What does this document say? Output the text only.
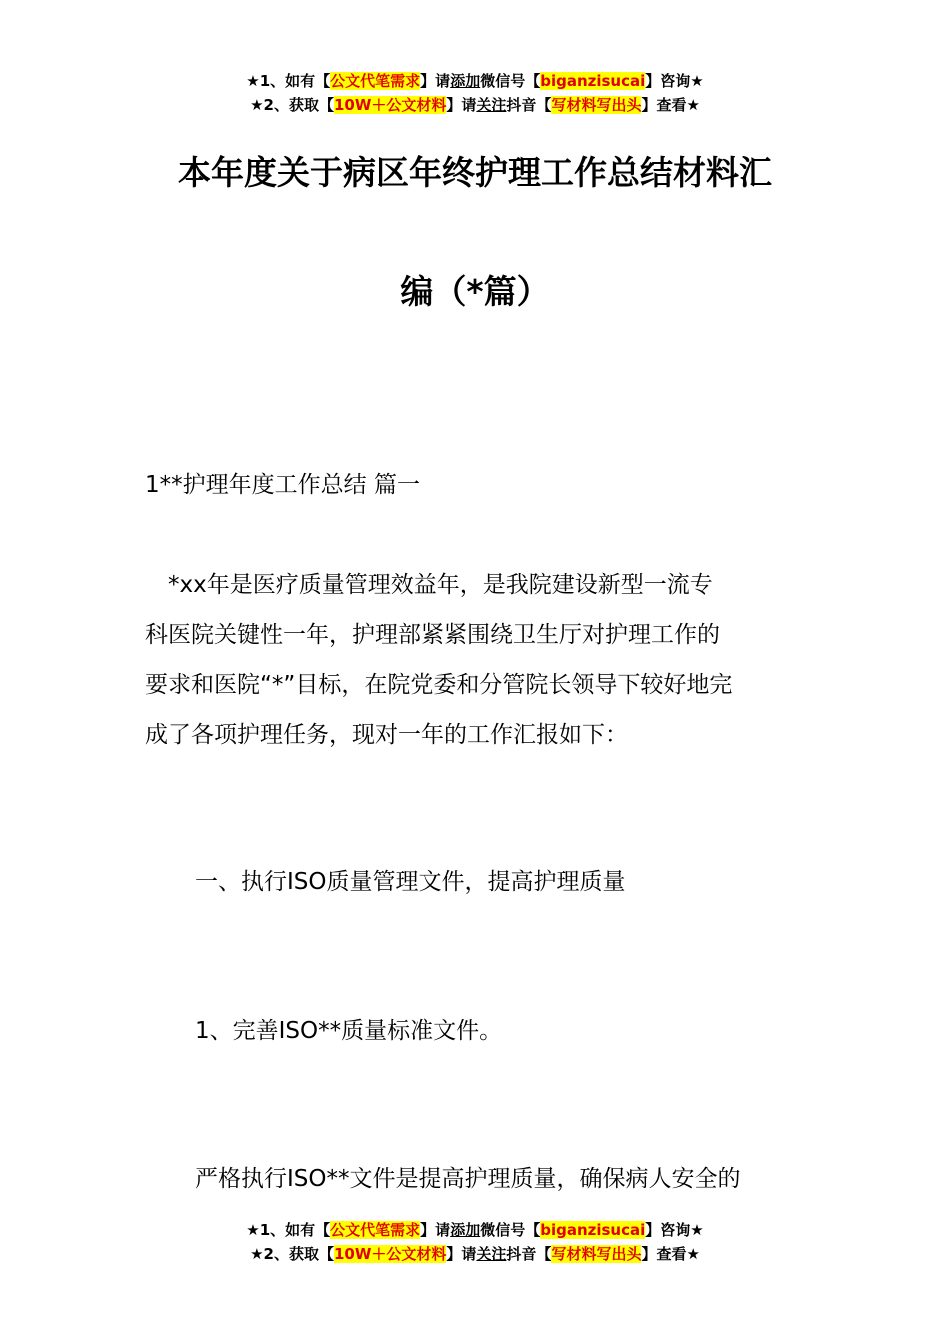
★1、如有【公文代笔需求】请添加微信号【biganzisucai】咨询★
★2、获取【10W＋公文材料】请关注抖音【写材料写出头】查看★
本年度关于病区年终护理工作总结材料汇
编（*篇）
1**护理年度工作总结 篇一
　*xx年是医疗质量管理效益年，是我院建设新型一流专
科医院关键性一年，护理部紧紧围绕卫生厅对护理工作的
要求和医院“*”目标，在院党委和分管院长领导下较好地完
成了各项护理任务，现对一年的工作汇报如下：
一、执行ISO质量管理文件，提高护理质量
1、完善ISO**质量标准文件。
严格执行ISO**文件是提高护理质量，确保病人安全的
★1、如有【公文代笔需求】请添加微信号【biganzisucai】咨询★
★2、获取【10W＋公文材料】请关注抖音【写材料写出头】查看★
